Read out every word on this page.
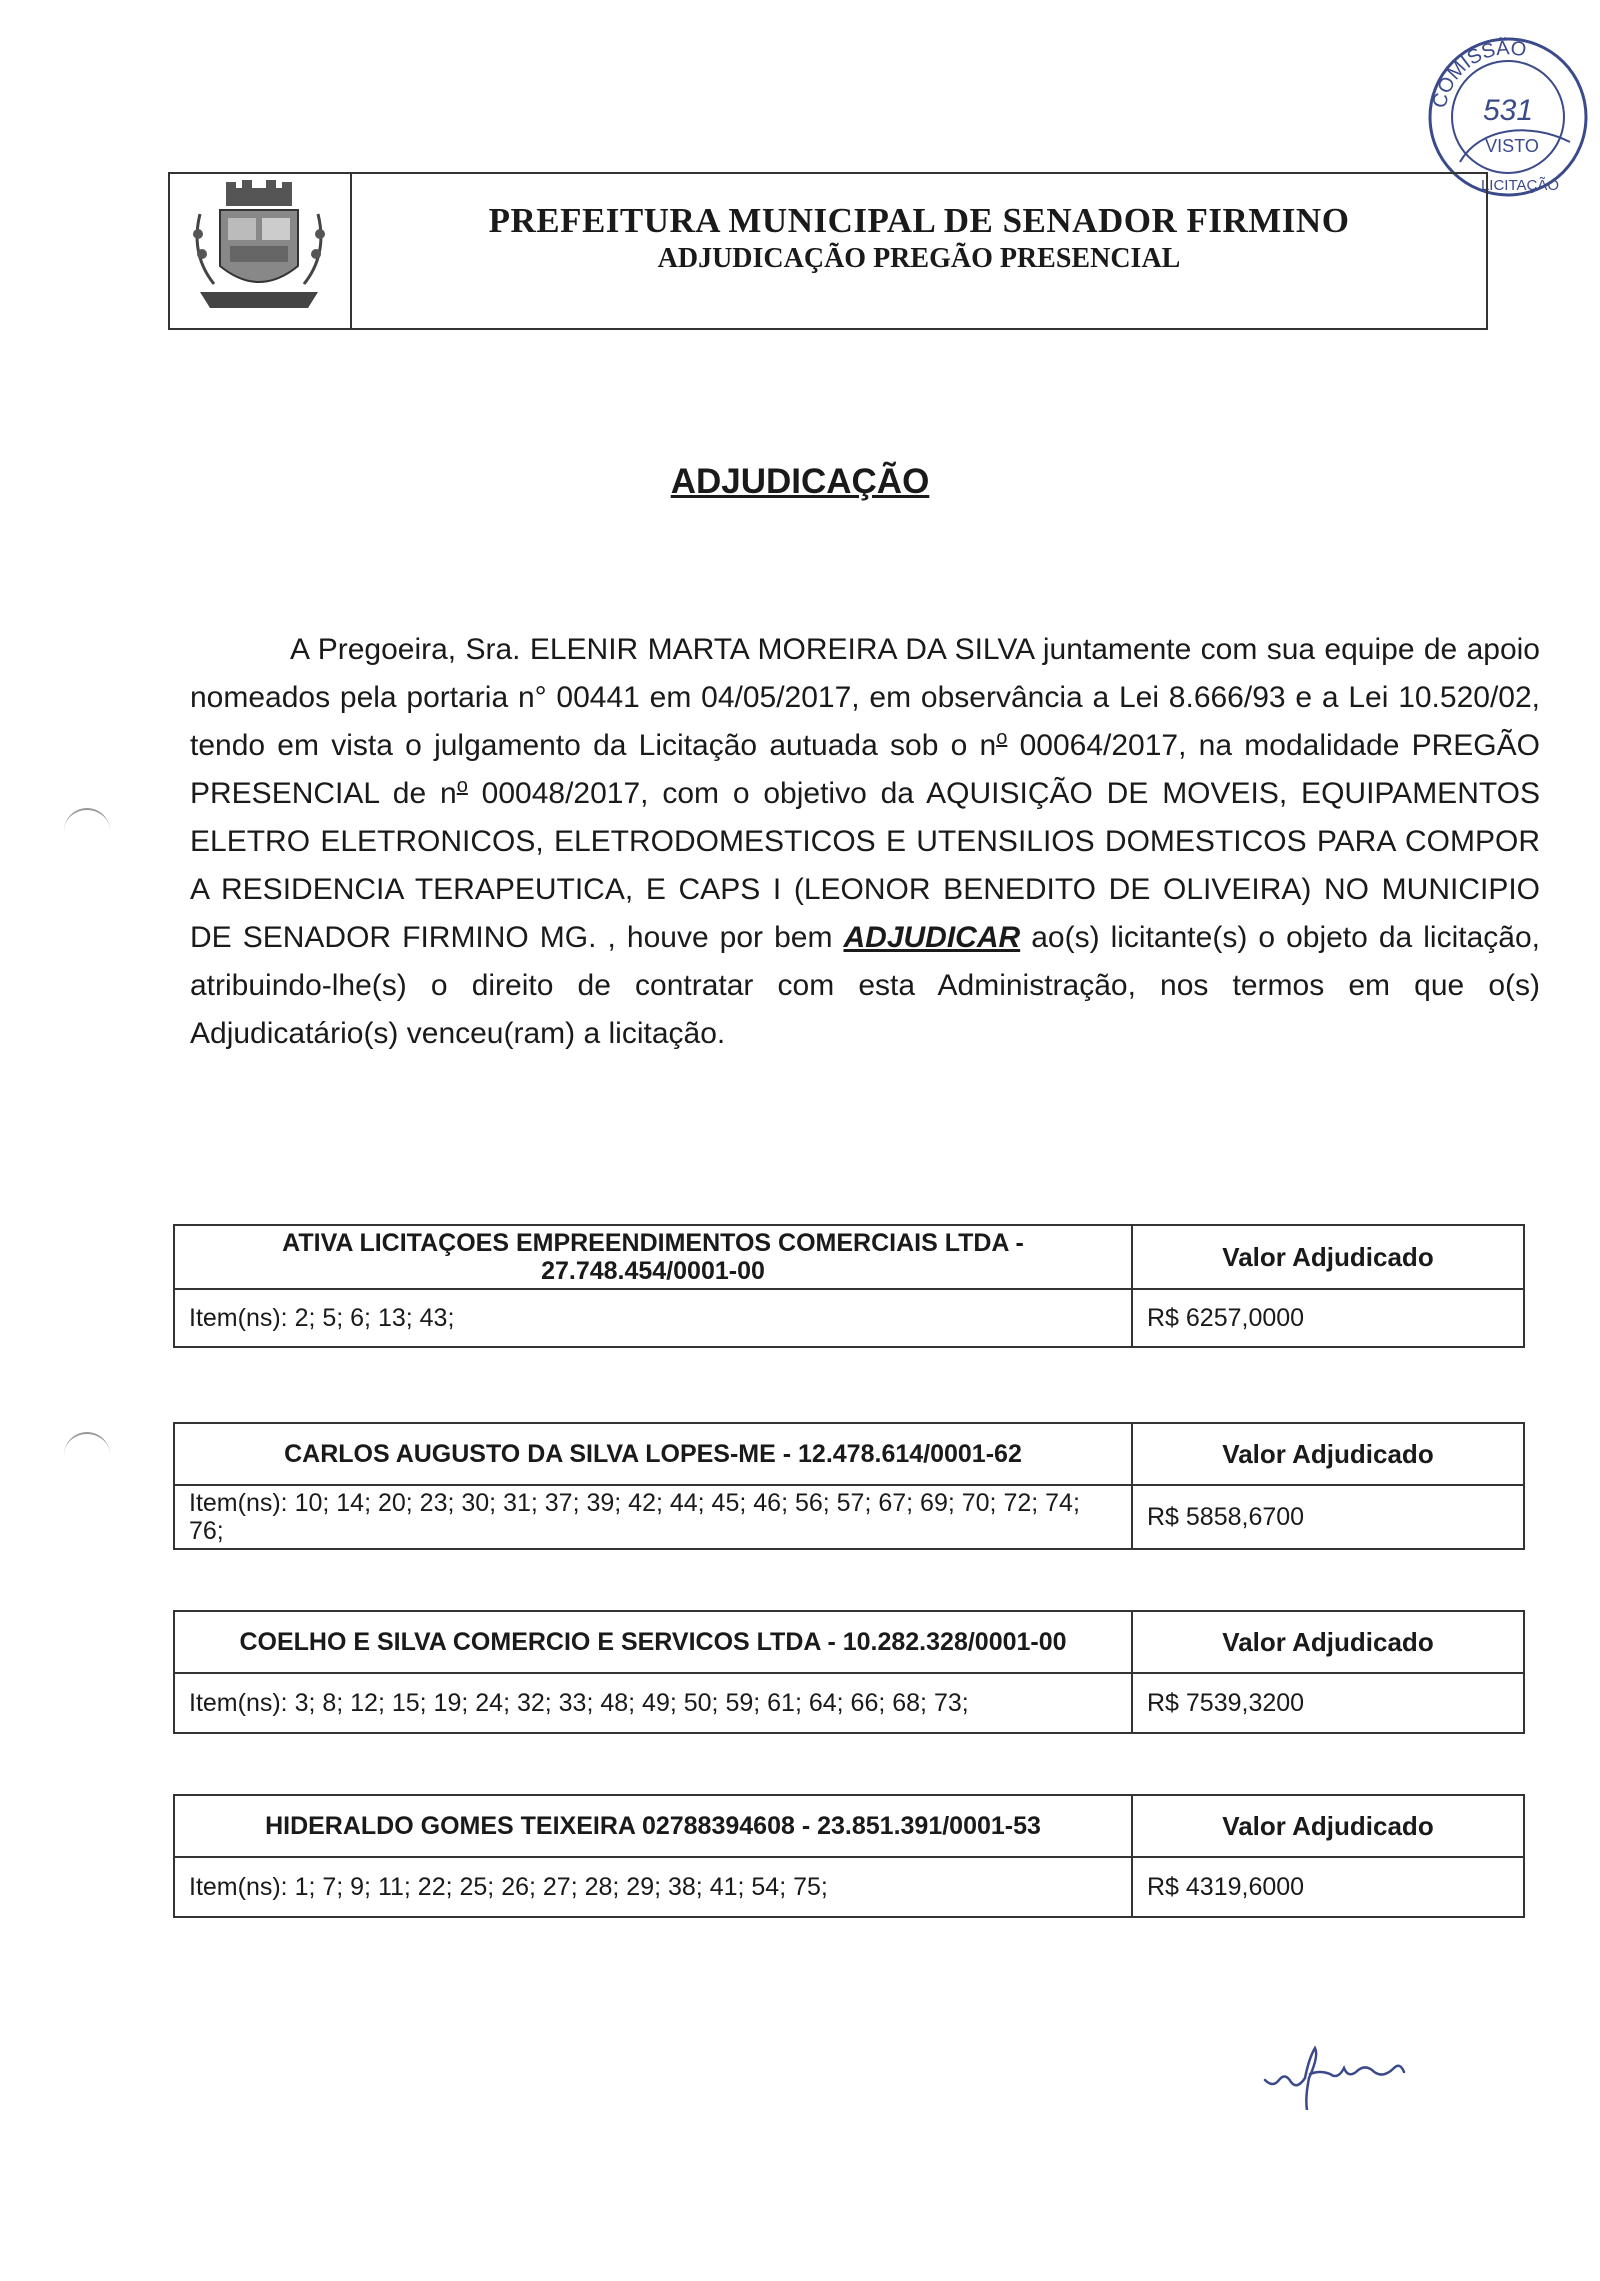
COMISSÃO
531
VISTO
LICITAÇÃO
PREFEITURA MUNICIPAL DE SENADOR FIRMINO
ADJUDICAÇÃO PREGÃO PRESENCIAL
ADJUDICAÇÃO

A Pregoeira, Sra. ELENIR MARTA MOREIRA DA SILVA juntamente com sua equipe de apoio nomeados pela portaria n° 00441 em 04/05/2017, em observância a Lei 8.666/93 e a Lei 10.520/02, tendo em vista o julgamento da Licitação autuada sob o $n^o$ 00064/2017, na modalidade PREGÃO PRESENCIAL de $n^o$ 00048/2017, com o objetivo da AQUISIÇÃO DE MOVEIS, EQUIPAMENTOS ELETRO ELETRONICOS, ELETRODOMESTICOS E UTENSILIOS DOMESTICOS PARA COMPOR A RESIDENCIA TERAPEUTICA, E CAPS I (LEONOR BENEDITO DE OLIVEIRA) NO MUNICIPIO DE SENADOR FIRMINO MG. , houve por bem ADJUDICAR ao(s) licitante(s) o objeto da licitação, atribuindo-lhe(s) o direito de contratar com esta Administração, nos termos em que o(s) Adjudicatário(s) venceu(ram) a licitação.

ATIVA LICITAÇOES EMPREENDIMENTOS COMERCIAIS LTDA - 27.748.454/0001-00	Valor Adjudicado
Item(ns): 2; 5; 6; 13; 43;	R$ 6257,0000
CARLOS AUGUSTO DA SILVA LOPES-ME - 12.478.614/0001-62	Valor Adjudicado
Item(ns): 10; 14; 20; 23; 30; 31; 37; 39; 42; 44; 45; 46; 56; 57; 67; 69; 70; 72; 74; 76;	R$ 5858,6700
COELHO E SILVA COMERCIO E SERVICOS LTDA - 10.282.328/0001-00	Valor Adjudicado
Item(ns): 3; 8; 12; 15; 19; 24; 32; 33; 48; 49; 50; 59; 61; 64; 66; 68; 73;	R$ 7539,3200
HIDERALDO GOMES TEIXEIRA 02788394608 - 23.851.391/0001-53	Valor Adjudicado
Item(ns): 1; 7; 9; 11; 22; 25; 26; 27; 28; 29; 38; 41; 54; 75;	R$ 4319,6000
